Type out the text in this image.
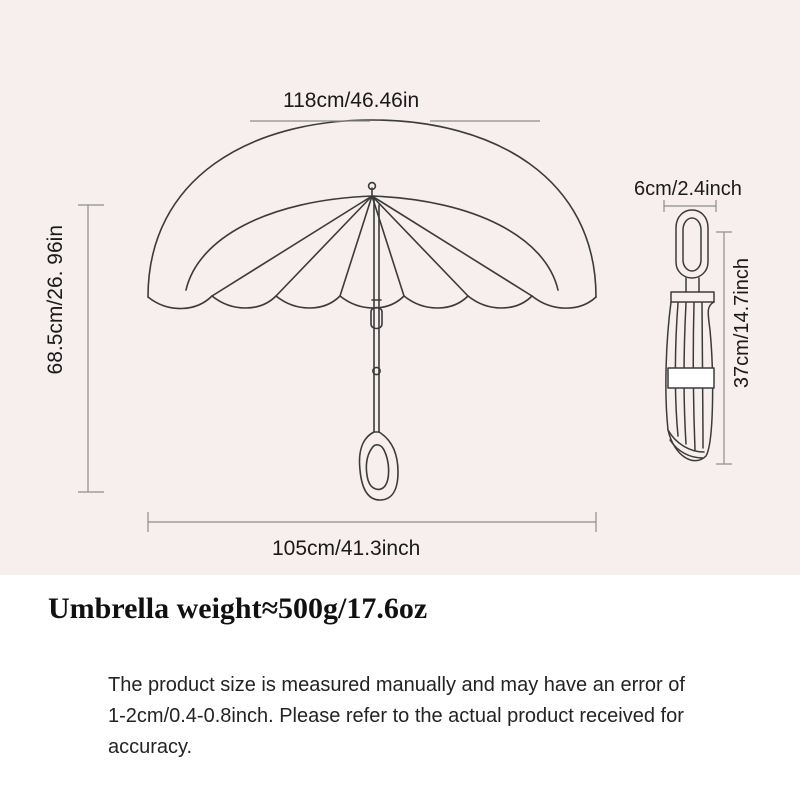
118cm/46.46in
68.5cm/26. 96in
105cm/41.3inch
6cm/2.4inch
37cm/14.7inch
Umbrella weight≈500g/17.6oz
The product size is measured manually and may have an error of 1-2cm/0.4-0.8inch. Please refer to the actual product received for accuracy.
